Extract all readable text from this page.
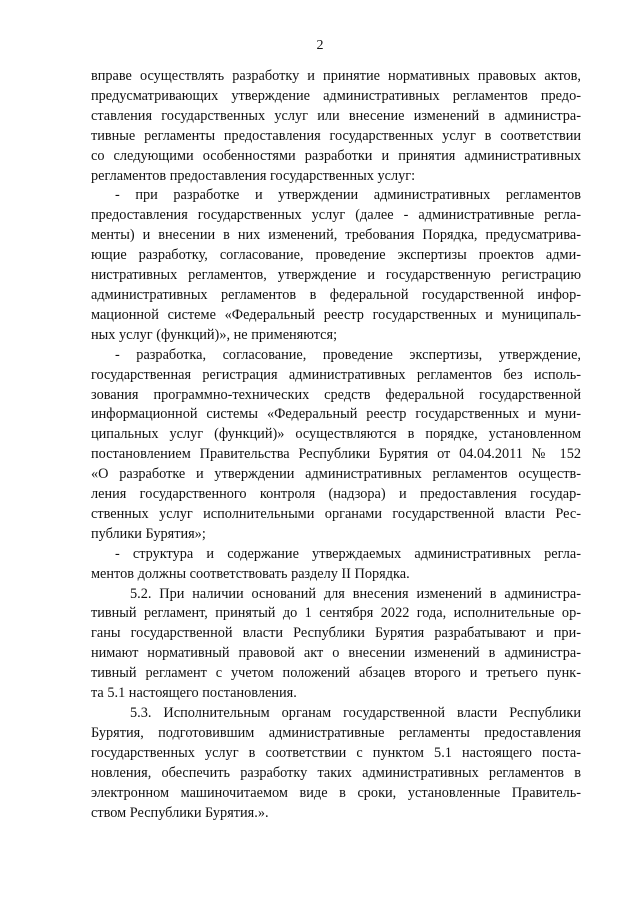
2
вправе осуществлять разработку и принятие нормативных правовых актов,
предусматривающих утверждение административных регламентов предо-
ставления государственных услуг или внесение изменений в администра-
тивные регламенты предоставления государственных услуг в соответствии
со следующими особенностями разработки и принятия административных
регламентов предоставления государственных услуг:
- при разработке и утверждении административных регламентов
предоставления государственных услуг (далее - административные регла-
менты) и внесении в них изменений, требования Порядка, предусматрива-
ющие разработку, согласование, проведение экспертизы проектов адми-
нистративных регламентов, утверждение и государственную регистрацию
административных регламентов в федеральной государственной инфор-
мационной системе «Федеральный реестр государственных и муниципаль-
ных услуг (функций)», не применяются;
- разработка, согласование, проведение экспертизы, утверждение,
государственная регистрация административных регламентов без исполь-
зования программно-технических средств федеральной государственной
информационной системы «Федеральный реестр государственных и муни-
ципальных услуг (функций)» осуществляются в порядке, установленном
постановлением Правительства Республики Бурятия от 04.04.2011 № 152
«О разработке и утверждении административных регламентов осуществ-
ления государственного контроля (надзора) и предоставления государ-
ственных услуг исполнительными органами государственной власти Рес-
публики Бурятия»;
- структура и содержание утверждаемых административных регла-
ментов должны соответствовать разделу II Порядка.
5.2. При наличии оснований для внесения изменений в администра-
тивный регламент, принятый до 1 сентября 2022 года, исполнительные ор-
ганы государственной власти Республики Бурятия разрабатывают и при-
нимают нормативный правовой акт о внесении изменений в администра-
тивный регламент с учетом положений абзацев второго и третьего пунк-
та 5.1 настоящего постановления.
5.3. Исполнительным органам государственной власти Республики
Бурятия, подготовившим административные регламенты предоставления
государственных услуг в соответствии с пунктом 5.1 настоящего поста-
новления, обеспечить разработку таких административных регламентов в
электронном машиночитаемом виде в сроки, установленные Правитель-
ством Республики Бурятия.».
